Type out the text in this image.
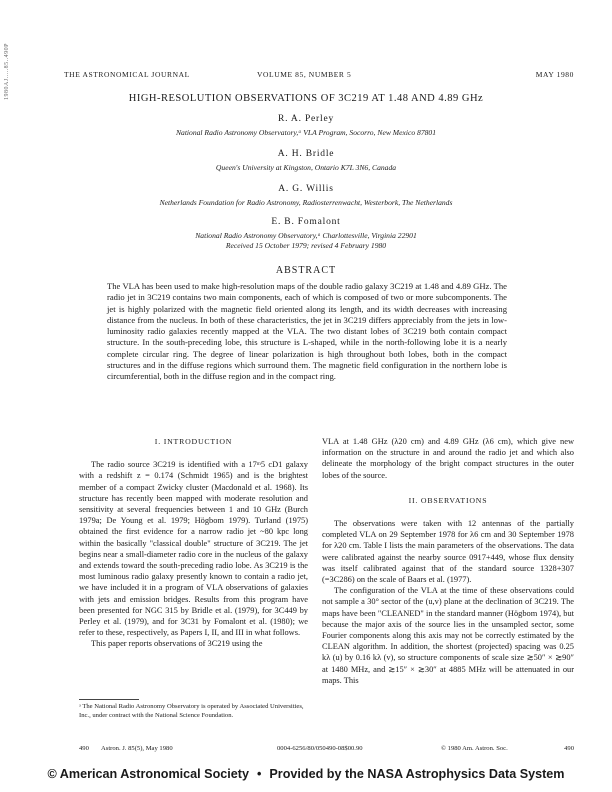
1980AJ.....85..490P	THE ASTRONOMICAL JOURNAL	VOLUME 85, NUMBER 5	MAY 1980
HIGH-RESOLUTION OBSERVATIONS OF 3C219 AT 1.48 AND 4.89 GHz
R. A. Perley
National Radio Astronomy Observatory,ᵃ VLA Program, Socorro, New Mexico 87801
A. H. Bridle
Queen's University at Kingston, Ontario K7L 3N6, Canada
A. G. Willis
Netherlands Foundation for Radio Astronomy, Radiosterrenwacht, Westerbork, The Netherlands
E. B. Fomalont
National Radio Astronomy Observatory,ᵃ Charlottesville, Virginia 22901
Received 15 October 1979; revised 4 February 1980
ABSTRACT
The VLA has been used to make high-resolution maps of the double radio galaxy 3C219 at 1.48 and 4.89 GHz. The radio jet in 3C219 contains two main components, each of which is composed of two or more subcomponents. The jet is highly polarized with the magnetic field oriented along its length, and its width decreases with increasing distance from the nucleus. In both of these characteristics, the jet in 3C219 differs appreciably from the jets in low-luminosity radio galaxies recently mapped at the VLA. The two distant lobes of 3C219 both contain compact structure. In the south-preceding lobe, this structure is L-shaped, while in the north-following lobe it is a nearly complete circular ring. The degree of linear polarization is high throughout both lobes, both in the compact structures and in the diffuse regions which surround them. The magnetic field configuration in the northern lobe is circumferential, both in the diffuse region and in the compact ring.
I. INTRODUCTION

The radio source 3C219 is identified with a 17ᵐ5 cD1 galaxy with a redshift z = 0.174 (Schmidt 1965) and is the brightest member of a compact Zwicky cluster (Macdonald et al. 1968). Its structure has recently been mapped with moderate resolution and sensitivity at several frequencies between 1 and 10 GHz (Burch 1979a; De Young et al. 1979; Högbom 1979). Turland (1975) obtained the first evidence for a narrow radio jet ~80 kpc long within the basically "classical double" structure of 3C219. The jet begins near a small-diameter radio core in the nucleus of the galaxy and extends toward the south-preceding radio lobe. As 3C219 is the most luminous radio galaxy presently known to contain a radio jet, we have included it in a program of VLA observations of galaxies with jets and emission bridges. Results from this program have been presented for NGC 315 by Bridle et al. (1979), for 3C449 by Perley et al. (1979), and for 3C31 by Fomalont et al. (1980); we refer to these, respectively, as Papers I, II, and III in what follows.

This paper reports observations of 3C219 using the

ᵃ The National Radio Astronomy Observatory is operated by Associated Universities, Inc., under contract with the National Science Foundation.

VLA at 1.48 GHz (λ20 cm) and 4.89 GHz (λ6 cm), which give new information on the structure in and around the radio jet and which also delineate the morphology of the bright compact structures in the outer lobes of the source.

II. OBSERVATIONS

The observations were taken with 12 antennas of the partially completed VLA on 29 September 1978 for λ6 cm and 30 September 1978 for λ20 cm. Table I lists the main parameters of the observations. The data were calibrated against the nearby source 0917+449, whose flux density was itself calibrated against that of the standard source 1328+307 (=3C286) on the scale of Baars et al. (1977).

The configuration of the VLA at the time of these observations could not sample a 30° sector of the (u,v) plane at the declination of 3C219. The maps have been "CLEANED" in the standard manner (Högbom 1974), but because the major axis of the source lies in the unsampled sector, some Fourier components along this axis may not be correctly estimated by the CLEAN algorithm. In addition, the shortest (projected) spacing was 0.25 kλ (u) by 0.16 kλ (v), so structure components of scale size ≳50″ × ≳90″ at 1480 MHz, and ≳15″ × ≳30″ at 4885 MHz will be attenuated in our maps. This

490 Astron. J. 85(5), May 1980	0004-6256/80/050490-08$00.90	© 1980 Am. Astron. Soc.	490
© American Astronomical Society • Provided by the NASA Astrophysics Data System
